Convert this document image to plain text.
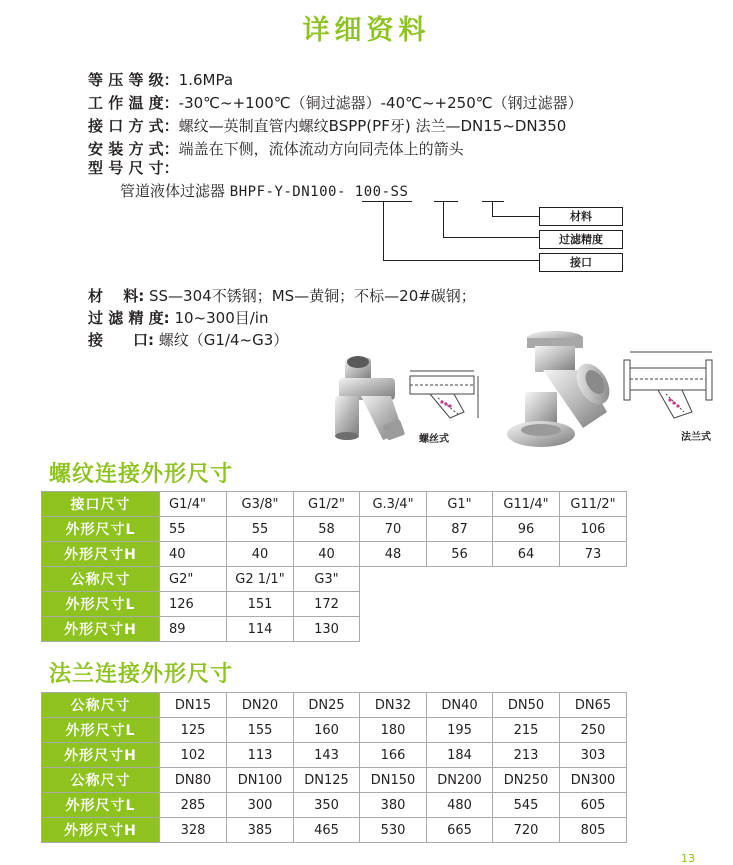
详细资料
等 压 等 级：1.6MPa
工 作 温 度：-30℃~+100℃（铜过滤器）-40℃~+250℃（钢过滤器）
接 口 方 式：螺纹—英制直管内螺纹BSPP(PF牙) 法兰—DN15~DN350
安 装 方 式：端盖在下侧，流体流动方向同壳体上的箭头
型 号 尺 寸：
管道液体过滤器 BHPF-Y-DN100- 100-SS
材料
过滤精度
接口
材　 料: SS—304不锈钢；MS—黄铜；不标—20#碳钢；
过 滤 精 度: 10~300目/in
接　　口: 螺纹（G1/4~G3）
螺丝式	法兰式
螺纹连接外形尺寸
接口尺寸	G1/4"	G3/8"	G1/2"	G.3/4"	G1"	G11/4"	G11/2"
外形尺寸L	55	55	58	70	87	96	106
外形尺寸H	40	40	40	48	56	64	73
公称尺寸	G2"	G2 1/1"	G3"				
外形尺寸L	126	151	172				
外形尺寸H	89	114	130				
法兰连接外形尺寸
公称尺寸	DN15	DN20	DN25	DN32	DN40	DN50	DN65
外形尺寸L	125	155	160	180	195	215	250
外形尺寸H	102	113	143	166	184	213	303
公称尺寸	DN80	DN100	DN125	DN150	DN200	DN250	DN300
外形尺寸L	285	300	350	380	480	545	605
外形尺寸H	328	385	465	530	665	720	805
13
